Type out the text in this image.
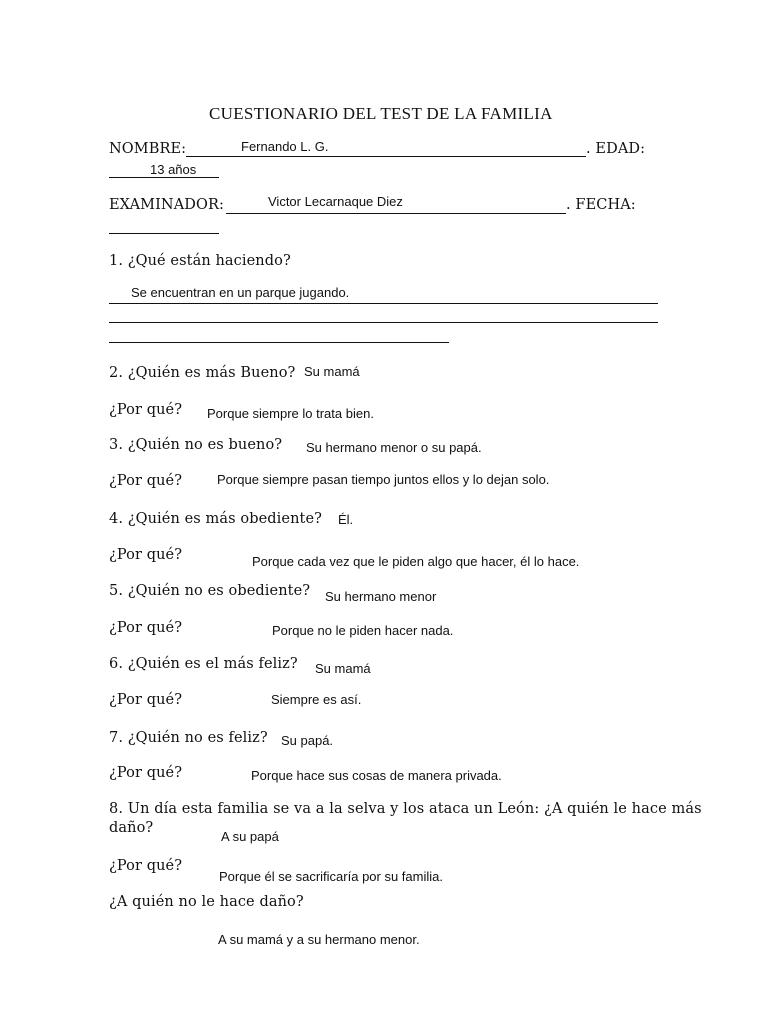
CUESTIONARIO DEL TEST DE LA FAMILIA
NOMBRE:	Fernando L. G.	. EDAD:
13 años
EXAMINADOR:	Victor Lecarnaque Diez	. FECHA:
1. ¿Qué están haciendo?
Se encuentran en un parque jugando.
2. ¿Quién es más Bueno? Su mamá
¿Por qué? Porque siempre lo trata bien.
3. ¿Quién no es bueno? Su hermano menor o su papá.
¿Por qué?	Porque siempre pasan tiempo juntos ellos y lo dejan solo.
4. ¿Quién es más obediente? Él.
¿Por qué?	Porque cada vez que le piden algo que hacer, él lo hace.
5. ¿Quién no es obediente? Su hermano menor
¿Por qué?	Porque no le piden hacer nada.
6. ¿Quién es el más feliz? Su mamá
¿Por qué?	Siempre es así.
7. ¿Quién no es feliz? Su papá.
¿Por qué?	Porque hace sus cosas de manera privada.
8. Un día esta familia se va a la selva y los ataca un León: ¿A quién le hace más
daño?
A su papá
¿Por qué?
Porque él se sacrificaría por su familia.
¿A quién no le hace daño?
A su mamá y a su hermano menor.
